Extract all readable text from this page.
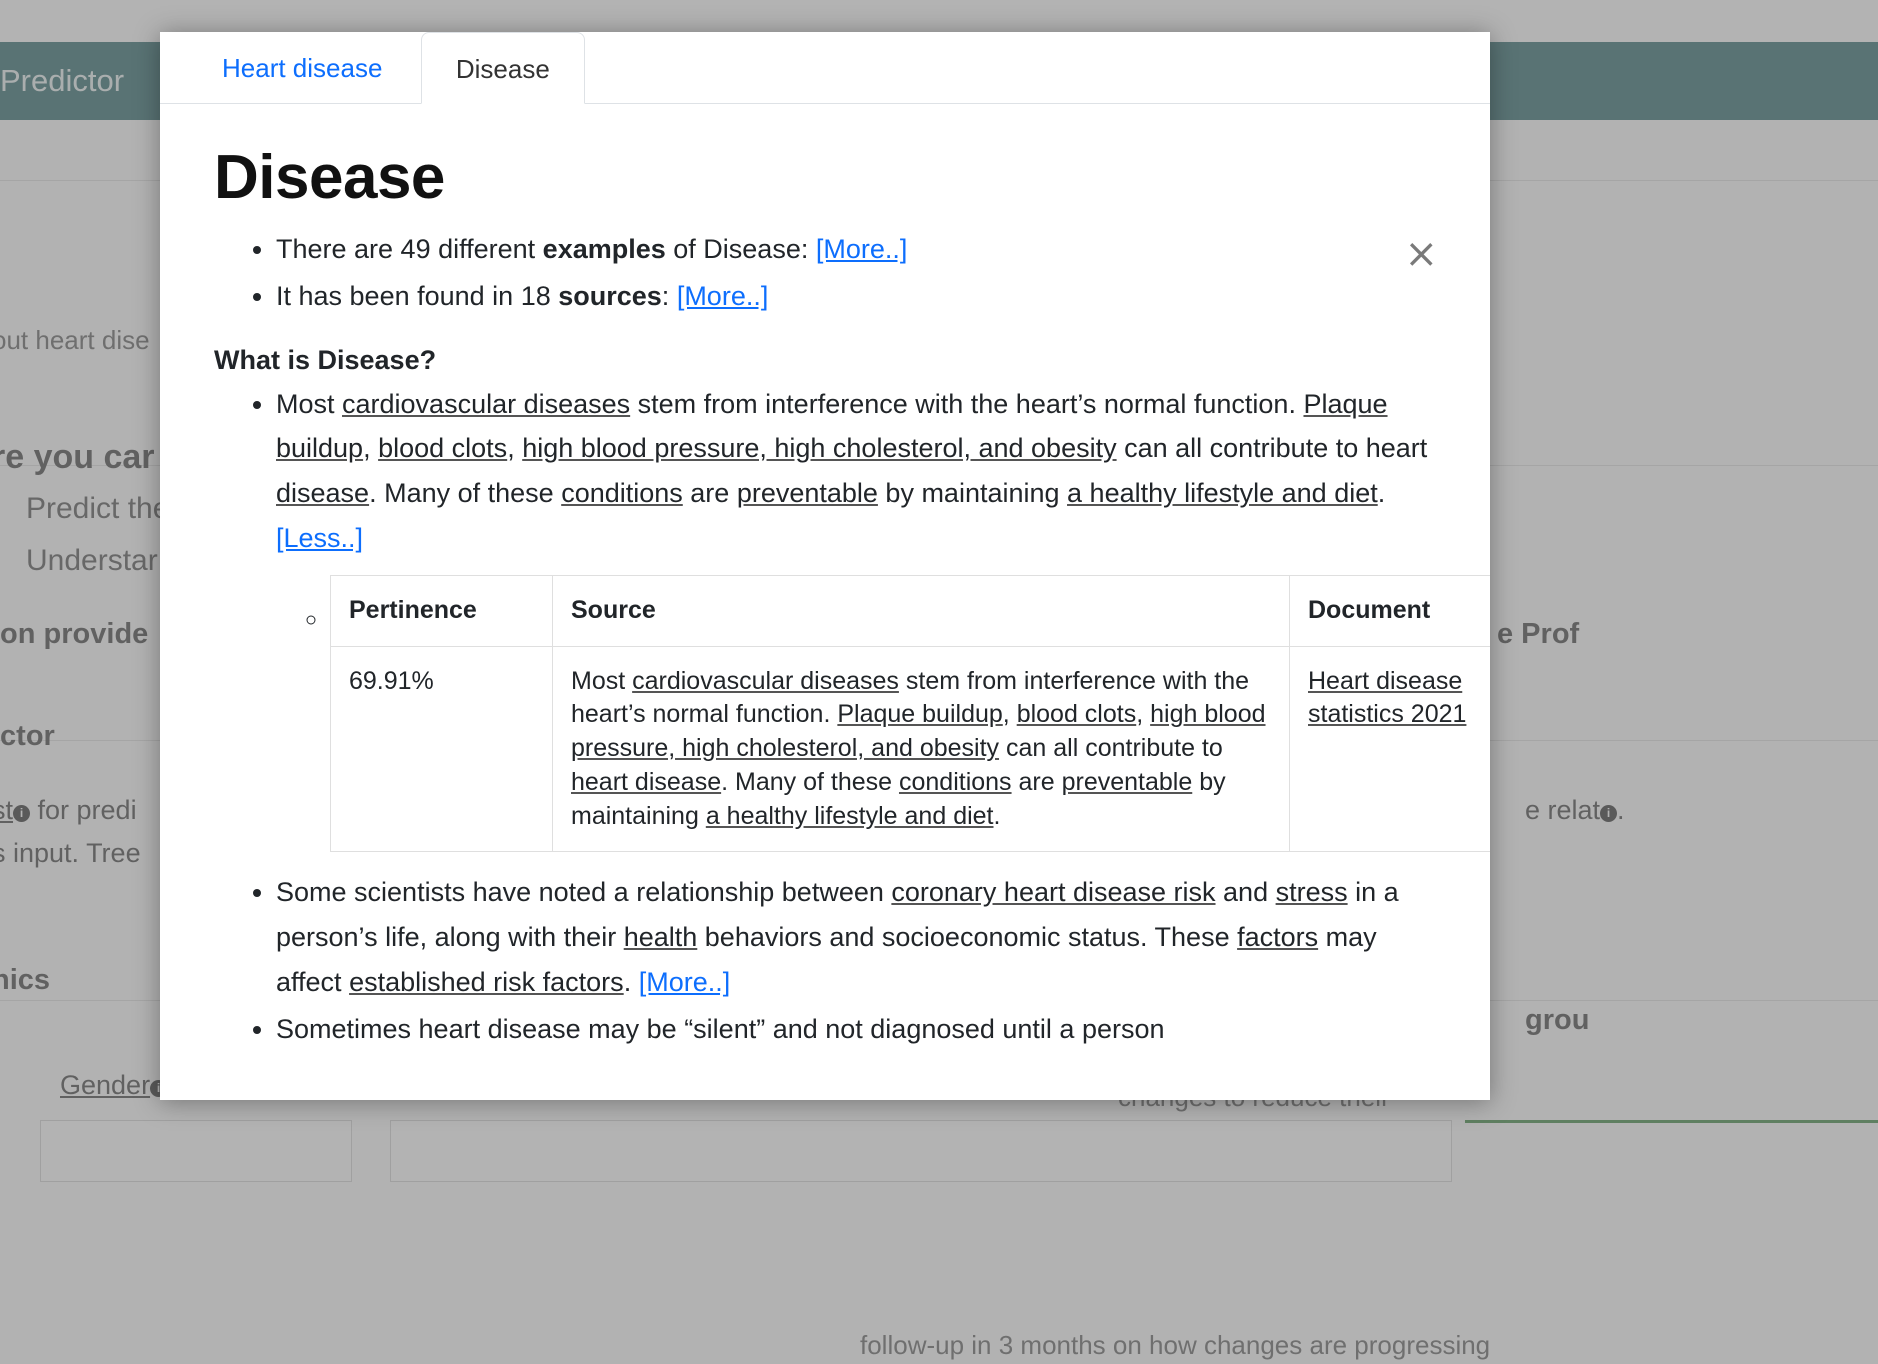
Heart disease	Disease
×
Disease
• There are 49 different examples of Disease: [More..]
• It has been found in 18 sources: [More..]
What is Disease?
• Most cardiovascular diseases stem from interference with the heart’s normal function. Plaque buildup, blood clots, high blood pressure, high cholesterol, and obesity can all contribute to heart disease. Many of these conditions are preventable by maintaining a healthy lifestyle and diet. [Less..]
◦ Pertinence	Source	Document
69.91%	Most cardiovascular diseases stem from interference with the heart’s normal function. Plaque buildup, blood clots, high blood pressure, high cholesterol, and obesity can all contribute to heart disease. Many of these conditions are preventable by maintaining a healthy lifestyle and diet.	Heart disease statistics 2021
• Some scientists have noted a relationship between coronary heart disease risk and stress in a person’s life, along with their health behaviors and socioeconomic status. These factors may affect established risk factors. [More..]
• Sometimes heart disease may be “silent” and not diagnosed until a person
